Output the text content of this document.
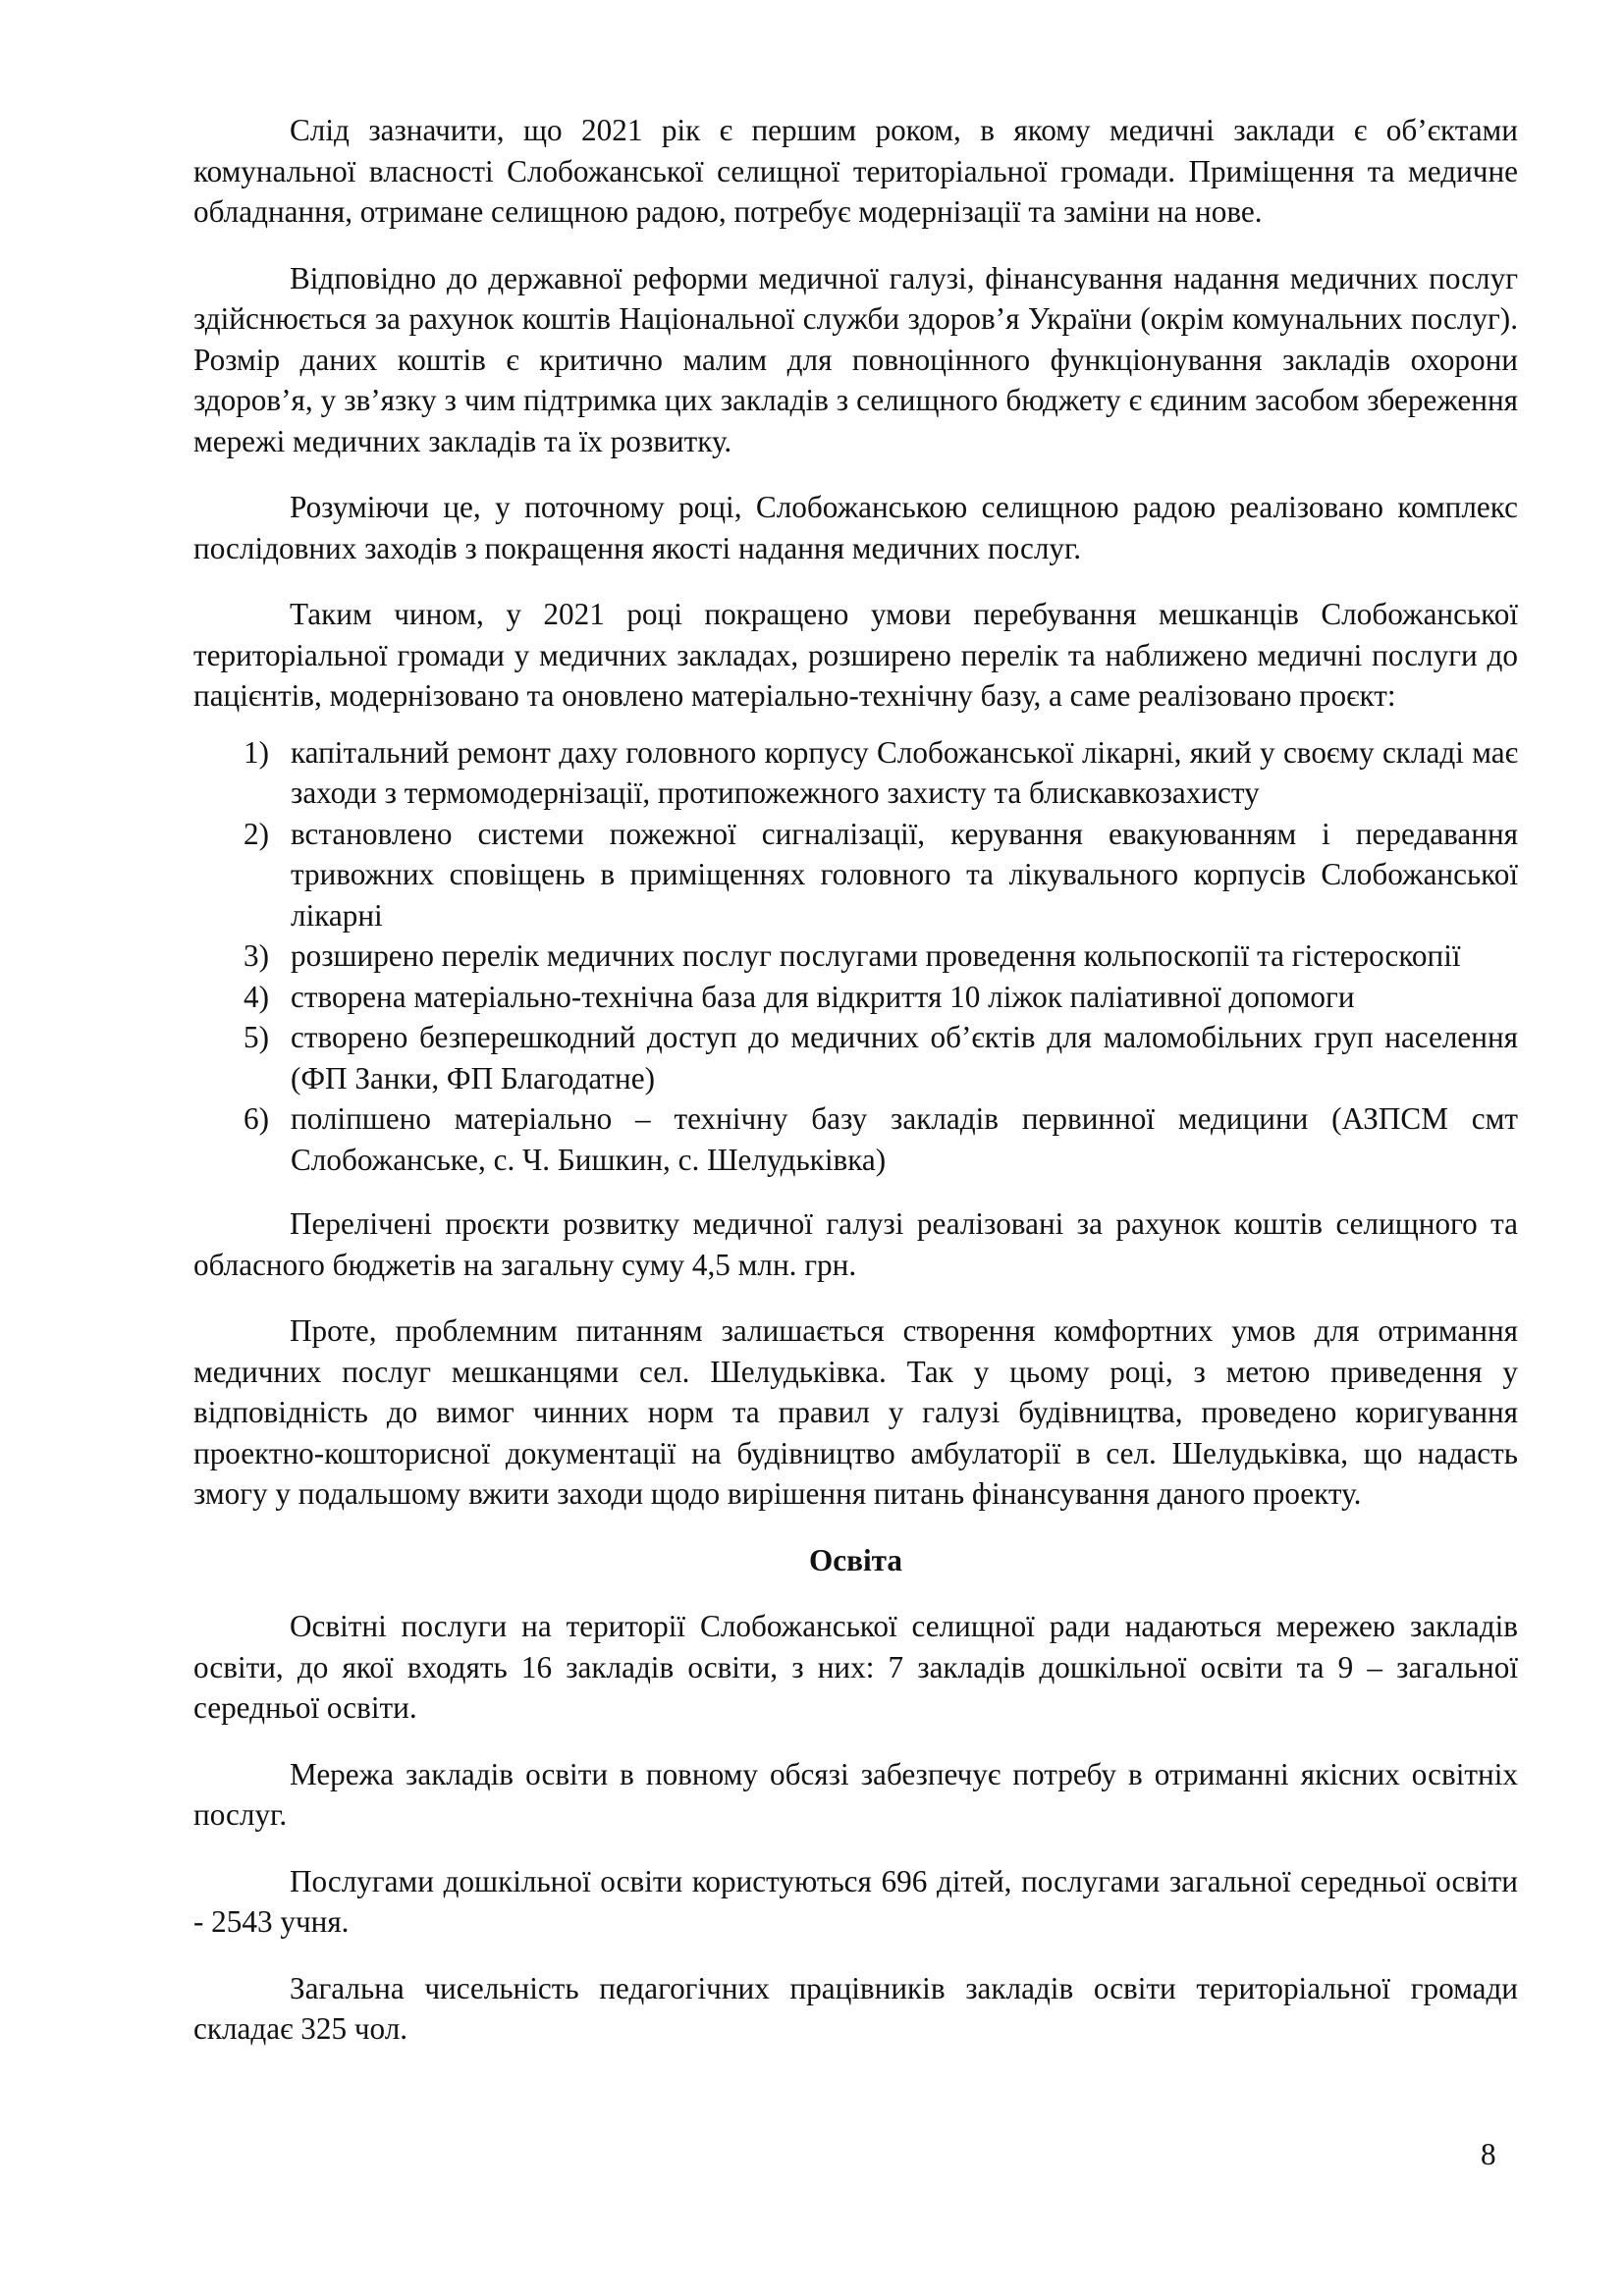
Слід зазначити, що 2021 рік є першим роком, в якому медичні заклади є об’єктами комунальної власності Слобожанської селищної територіальної громади. Приміщення та медичне обладнання, отримане селищною радою, потребує модернізації та заміни на нове.

Відповідно до державної реформи медичної галузі, фінансування надання медичних послуг здійснюється за рахунок коштів Національної служби здоров’я України (окрім комунальних послуг). Розмір даних коштів є критично малим для повноцінного функціонування закладів охорони здоров’я, у зв’язку з чим підтримка цих закладів з селищного бюджету є єдиним засобом збереження мережі медичних закладів та їх розвитку.

Розуміючи це, у поточному році, Слобожанською селищною радою реалізовано комплекс послідовних заходів з покращення якості надання медичних послуг.

Таким чином, у 2021 році покращено умови перебування мешканців Слобожанської територіальної громади у медичних закладах, розширено перелік та наближено медичні послуги до пацієнтів, модернізовано та оновлено матеріально-технічну базу, а саме реалізовано проєкт:

1) капітальний ремонт даху головного корпусу Слобожанської лікарні, який у своєму складі має заходи з термомодернізації, протипожежного захисту та блискавкозахисту
2) встановлено системи пожежної сигналізації, керування евакуюванням і передавання тривожних сповіщень в приміщеннях головного та лікувального корпусів Слобожанської лікарні
3) розширено перелік медичних послуг послугами проведення кольпоскопії та гістероскопії
4) створена матеріально-технічна база для відкриття 10 ліжок паліативної допомоги
5) створено безперешкодний доступ до медичних об’єктів для маломобільних груп населення (ФП Занки, ФП Благодатне)
6) поліпшено матеріально – технічну базу закладів первинної медицини (АЗПСМ смт Слобожанське, с. Ч. Бишкин, с. Шелудьківка)

Перелічені проєкти розвитку медичної галузі реалізовані за рахунок коштів селищного та обласного бюджетів на загальну суму 4,5 млн. грн.

Проте, проблемним питанням залишається створення комфортних умов для отримання медичних послуг мешканцями сел. Шелудьківка. Так у цьому році, з метою приведення у відповідність до вимог чинних норм та правил у галузі будівництва, проведено коригування проектно-кошторисної документації на будівництво амбулаторії в сел. Шелудьківка, що надасть змогу у подальшому вжити заходи щодо вирішення питань фінансування даного проекту.

Освіта

Освітні послуги на території Слобожанської селищної ради надаються мережею закладів освіти, до якої входять 16 закладів освіти, з них: 7 закладів дошкільної освіти та 9 – загальної середньої освіти.

Мережа закладів освіти в повному обсязі забезпечує потребу в отриманні якісних освітніх послуг.

Послугами дошкільної освіти користуються 696 дітей, послугами загальної середньої освіти - 2543 учня.

Загальна чисельність педагогічних працівників закладів освіти територіальної громади складає 325 чол.

8
